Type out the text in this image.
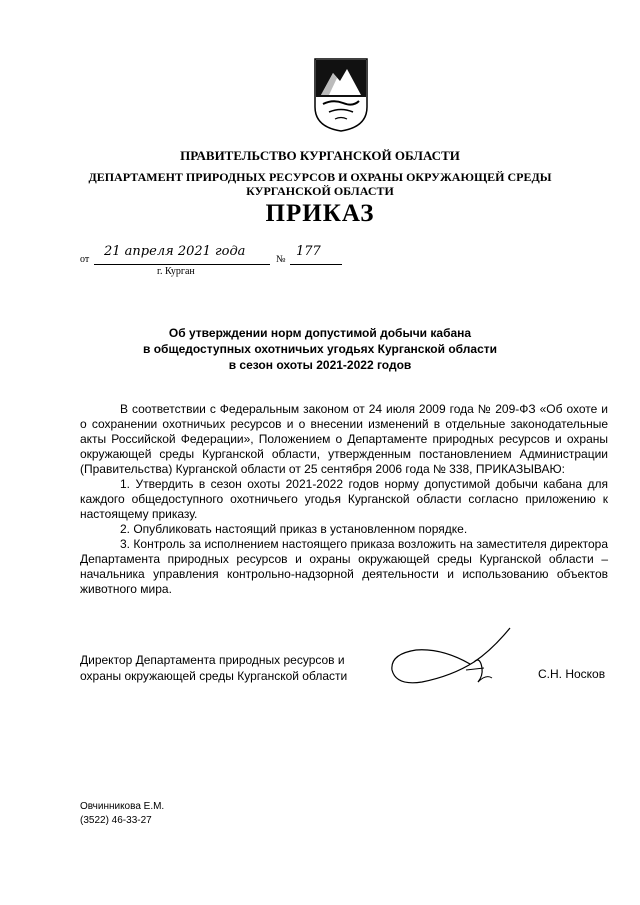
ПРАВИТЕЛЬСТВО КУРГАНСКОЙ ОБЛАСТИ
ДЕПАРТАМЕНТ ПРИРОДНЫХ РЕСУРСОВ И ОХРАНЫ ОКРУЖАЮЩЕЙ СРЕДЫ
КУРГАНСКОЙ ОБЛАСТИ
ПРИКАЗ
от
21 апреля 2021 года
№
177
г. Курган
Об утверждении норм допустимой добычи кабана
в общедоступных охотничьих угодьях Курганской области
в сезон охоты 2021-2022 годов

В соответствии с Федеральным законом от 24 июля 2009 года № 209-ФЗ «Об охоте и о сохранении охотничьих ресурсов и о внесении изменений в отдельные законодательные акты Российской Федерации», Положением о Департаменте природных ресурсов и охраны окружающей среды Курганской области, утвержденным постановлением Администрации (Правительства) Курганской области от 25 сентября 2006 года № 338, ПРИКАЗЫВАЮ:

1. Утвердить в сезон охоты 2021-2022 годов норму допустимой добычи кабана для каждого общедоступного охотничьего угодья Курганской области согласно приложению к настоящему приказу.

2. Опубликовать настоящий приказ в установленном порядке.

3. Контроль за исполнением настоящего приказа возложить на заместителя директора Департамента природных ресурсов и охраны окружающей среды Курганской области – начальника управления контрольно-надзорной деятельности и использованию объектов животного мира.

Директор Департамента природных ресурсов и
охраны окружающей среды Курганской области	С.Н. Носков
Овчинникова Е.М.
(3522) 46-33-27
